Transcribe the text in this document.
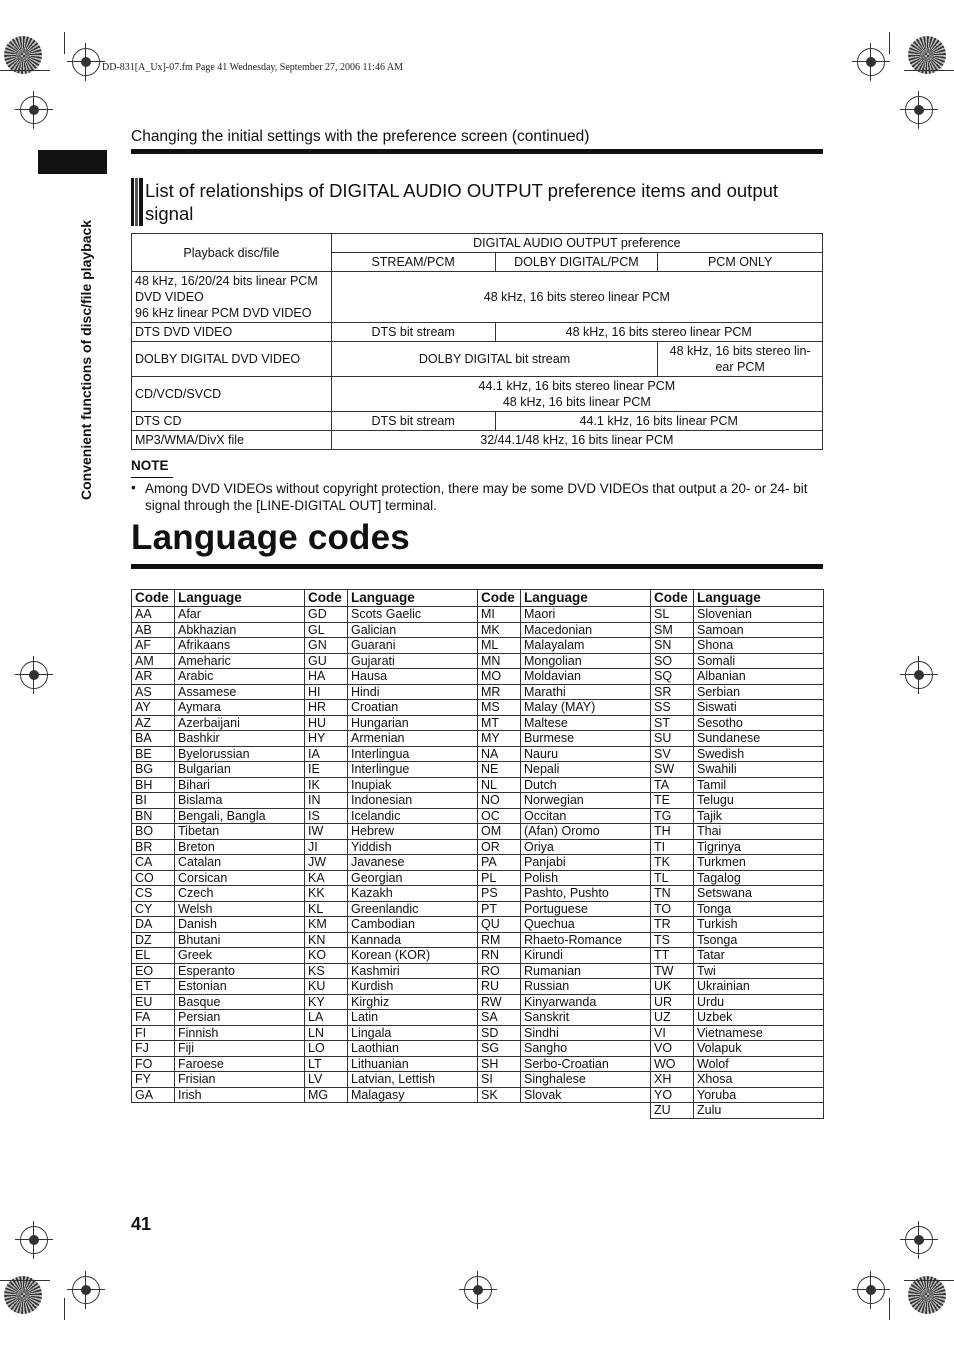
DD-831[A_Ux]-07.fm Page 41 Wednesday, September 27, 2006 11:46 AM
Convenient functions of disc/file playback
Changing the initial settings with the preference screen (continued)
List of relationships of DIGITAL AUDIO OUTPUT preference items and output signal
Playback disc/file	DIGITAL AUDIO OUTPUT preference		
	STREAM/PCM	DOLBY DIGITAL/PCM	PCM ONLY

48 kHz, 16/20/24 bits linear PCM
DVD VIDEO
96 kHz linear PCM DVD VIDEO	48 kHz, 16 bits stereo linear PCM		
DTS DVD VIDEO	DTS bit stream	48 kHz, 16 bits stereo linear PCM	
DOLBY DIGITAL DVD VIDEO	DOLBY DIGITAL bit stream		48 kHz, 16 bits stereo lin-ear PCM
CD/VCD/SVCD	44.1 kHz, 16 bits stereo linear PCM
48 kHz, 16 bits linear PCM		

DTS CD	DTS bit stream	44.1 kHz, 16 bits linear PCM	
MP3/WMA/DivX file	32/44.1/48 kHz, 16 bits linear PCM		
NOTE
• Among DVD VIDEOs without copyright protection, there may be some DVD VIDEOs that output a 20- or 24- bit signal through the [LINE-DIGITAL OUT] terminal.
Language codes
Code	Language	Code	Language	Code	Language	Code	Language
AA	Afar	GD	Scots Gaelic	MI	Maori	SL	Slovenian
AB	Abkhazian	GL	Galician	MK	Macedonian	SM	Samoan
AF	Afrikaans	GN	Guarani	ML	Malayalam	SN	Shona
AM	Ameharic	GU	Gujarati	MN	Mongolian	SO	Somali
AR	Arabic	HA	Hausa	MO	Moldavian	SQ	Albanian
AS	Assamese	HI	Hindi	MR	Marathi	SR	Serbian
AY	Aymara	HR	Croatian	MS	Malay (MAY)	SS	Siswati
AZ	Azerbaijani	HU	Hungarian	MT	Maltese	ST	Sesotho
BA	Bashkir	HY	Armenian	MY	Burmese	SU	Sundanese
BE	Byelorussian	IA	Interlingua	NA	Nauru	SV	Swedish
BG	Bulgarian	IE	Interlingue	NE	Nepali	SW	Swahili
BH	Bihari	IK	Inupiak	NL	Dutch	TA	Tamil
BI	Bislama	IN	Indonesian	NO	Norwegian	TE	Telugu
BN	Bengali, Bangla	IS	Icelandic	OC	Occitan	TG	Tajik
BO	Tibetan	IW	Hebrew	OM	(Afan) Oromo	TH	Thai
BR	Breton	JI	Yiddish	OR	Oriya	TI	Tigrinya
CA	Catalan	JW	Javanese	PA	Panjabi	TK	Turkmen
CO	Corsican	KA	Georgian	PL	Polish	TL	Tagalog
CS	Czech	KK	Kazakh	PS	Pashto, Pushto	TN	Setswana
CY	Welsh	KL	Greenlandic	PT	Portuguese	TO	Tonga
DA	Danish	KM	Cambodian	QU	Quechua	TR	Turkish
DZ	Bhutani	KN	Kannada	RM	Rhaeto-Romance	TS	Tsonga
EL	Greek	KO	Korean (KOR)	RN	Kirundi	TT	Tatar
EO	Esperanto	KS	Kashmiri	RO	Rumanian	TW	Twi
ET	Estonian	KU	Kurdish	RU	Russian	UK	Ukrainian
EU	Basque	KY	Kirghiz	RW	Kinyarwanda	UR	Urdu
FA	Persian	LA	Latin	SA	Sanskrit	UZ	Uzbek
FI	Finnish	LN	Lingala	SD	Sindhi	VI	Vietnamese
FJ	Fiji	LO	Laothian	SG	Sangho	VO	Volapuk
FO	Faroese	LT	Lithuanian	SH	Serbo-Croatian	WO	Wolof
FY	Frisian	LV	Latvian, Lettish	SI	Singhalese	XH	Xhosa
GA	Irish	MG	Malagasy	SK	Slovak	YO	Yoruba
						ZU	Zulu
41
